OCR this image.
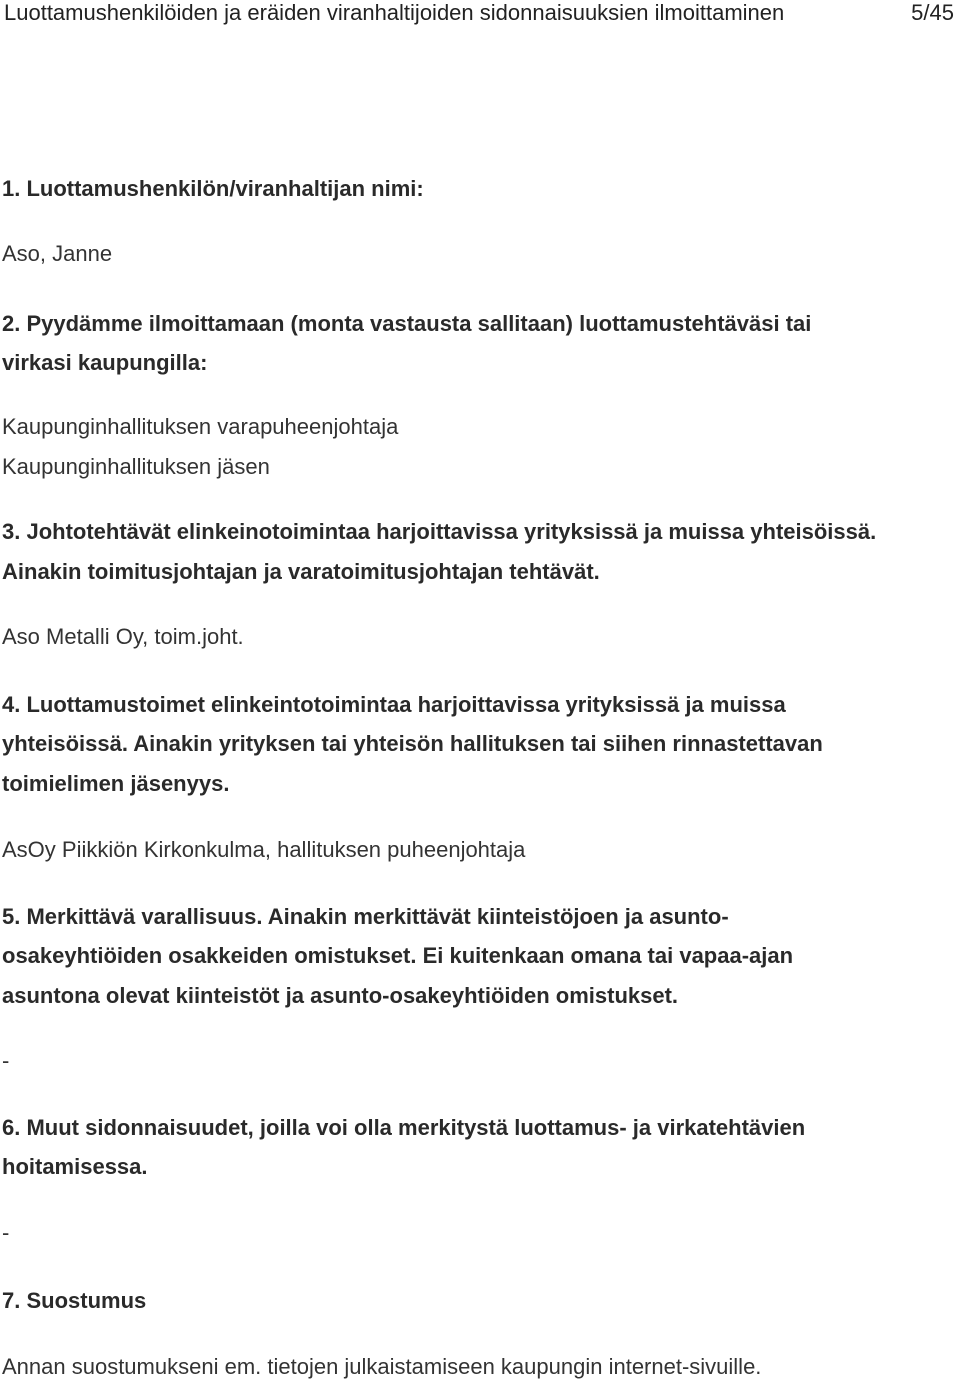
Luottamushenkilöiden ja eräiden viranhaltijoiden sidonnaisuuksien ilmoittaminen	5/45
1. Luottamushenkilön/viranhaltijan nimi:
Aso, Janne
2. Pyydämme ilmoittamaan (monta vastausta sallitaan) luottamustehtäväsi tai
virkasi kaupungilla:
Kaupunginhallituksen varapuheenjohtaja
Kaupunginhallituksen jäsen
3. Johtotehtävät elinkeinotoimintaa harjoittavissa yrityksissä ja muissa yhteisöissä.
Ainakin toimitusjohtajan ja varatoimitusjohtajan tehtävät.
Aso Metalli Oy, toim.joht.
4. Luottamustoimet elinkeintotoimintaa harjoittavissa yrityksissä ja muissa
yhteisöissä. Ainakin yrityksen tai yhteisön hallituksen tai siihen rinnastettavan
toimielimen jäsenyys.
AsOy Piikkiön Kirkonkulma, hallituksen puheenjohtaja
5. Merkittävä varallisuus. Ainakin merkittävät kiinteistöjoen ja asunto-
osakeyhtiöiden osakkeiden omistukset. Ei kuitenkaan omana tai vapaa-ajan
asuntona olevat kiinteistöt ja asunto-osakeyhtiöiden omistukset.
-
6. Muut sidonnaisuudet, joilla voi olla merkitystä luottamus- ja virkatehtävien
hoitamisessa.
-
7. Suostumus
Annan suostumukseni em. tietojen julkaistamiseen kaupungin internet-sivuille.
